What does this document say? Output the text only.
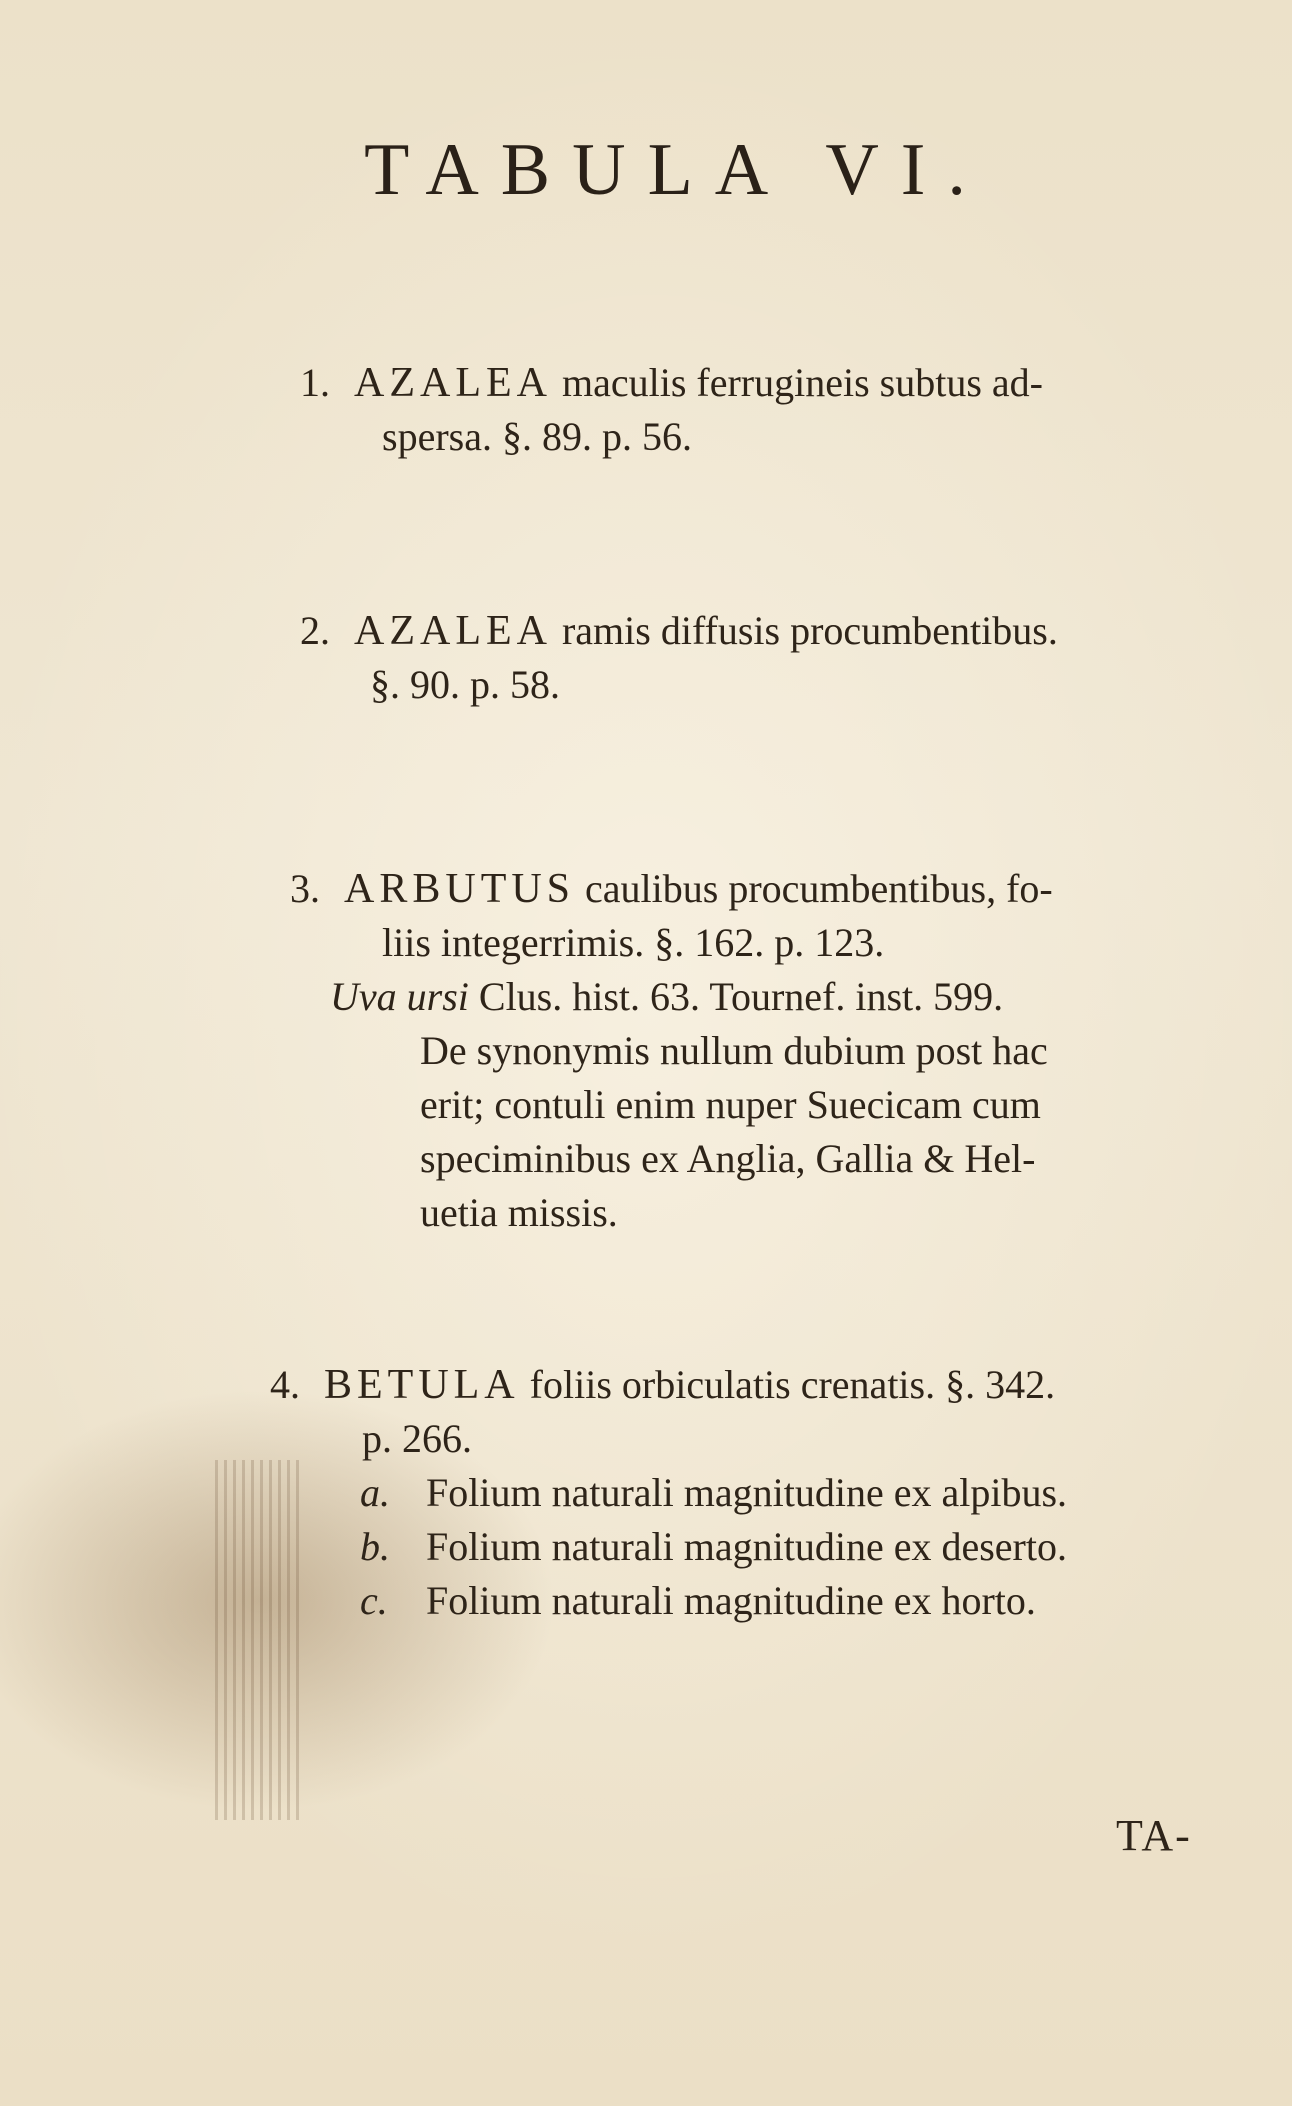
TABULA VI.
1. AZALEA maculis ferrugineis subtus ad-
spersa. §. 89. p. 56.
2. AZALEA ramis diffusis procumbentibus.
§. 90. p. 58.
3. ARBUTUS caulibus procumbentibus, fo-
liis integerrimis. §. 162. p. 123.
Uva ursi Clus. hist. 63. Tournef. inst. 599.
De synonymis nullum dubium post hac
erit; contuli enim nuper Suecicam cum
speciminibus ex Anglia, Gallia & Hel-
uetia missis.
4. BETULA foliis orbiculatis crenatis. §. 342.
p. 266.
a. Folium naturali magnitudine ex alpibus.
b. Folium naturali magnitudine ex deserto.
c. Folium naturali magnitudine ex horto.
TA-
